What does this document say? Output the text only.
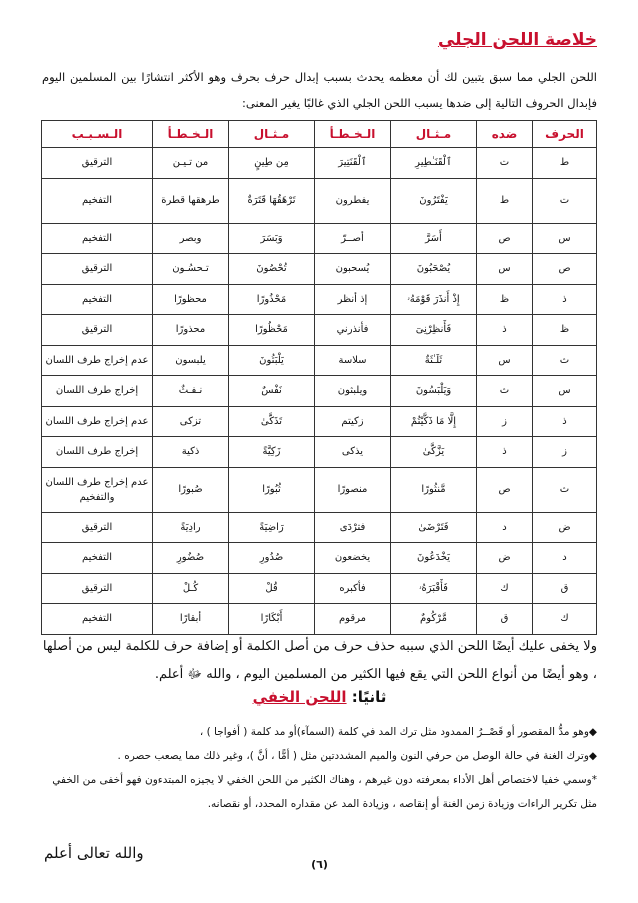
خلاصة اللحن الجلي
اللحن الجلي مما سبق يتبين لك أن معظمه يحدث بسبب إبدال حرف بحرف وهو الأكثر انتشارًا بين المسلمين اليوم فإبدال الحروف التالية إلى ضدها يسبب اللحن الجلي الذي غالبًا يغير المعنى:
الحرف	ضده	مـثـال	الـخـطـأ	مـثـال	الـخـطـأ	الـسـبـب
ط	ت	ٱلْقَنَـٰطِيرِ	ٱلْقَنَتِيرَ	مِن طِينٍ	من تـيـن	الترقيق
ت	ط	يَفْتَرُونَ	يفطرون	تَرْهَقُهَا قَتَرَةٌ	طرهقها قطرة	التفخيم
س	ص	أَسَرَّ	أصــرّ	وَبَسَرَ	وبصر	التفخيم
ص	س	يُصْحَبُونَ	يُسحبون	تُحْصُونَ	تـحسُـون	الترقيق
ذ	ظ	إِذْ أَنذَرَ قَوْمَهُۥ	إذ أنظر	مَحْذُورًا	محظورًا	التفخيم
ظ	ذ	فَأَنظِرْنِىٓ	فأنذرني	مَحْظُورًا	محذورًا	الترقيق
ث	س	ثَلَـٰثَةٌ	سلاسة	يَلْبَثُونَ	يلبسون	عدم إخراج طرف اللسان
س	ث	وَيَلْبَسُونَ	ويلبثون	نَفْسٌ	نـفـثٌ	إخراج طرف اللسان
ذ	ز	إِلَّا مَا ذَكَّيْتُمْ	زكيتم	تَذَكَّىٰ	تزكى	عدم إخراج طرف اللسان
ز	ذ	يَزَّكَّىٰ	يذكى	زَكِيَّةً	ذكية	إخراج طرف اللسان
ث	ص	مَّنثُورًا	منصورًا	ثُبُورًا	صُبورًا	عدم إخراج طرف اللسان والتفخيم
ض	د	فَتَرْضَىٰ	فترْدَى	رَاضِيَةً	رادِيَةً	الترقيق
د	ض	يَخْدَعُونَ	يخضعون	صُدُورِ	صُضُورِ	التفخيم
ق	ك	فَأَقْبَرَهُۥ	فأكبره	قُلْ	كُـلْ	الترقيق
ك	ق	مَّرْكُومٌ	مرقوم	أَبْكَارًا	أبقارًا	التفخيم
ولا يخفى عليك أيضًا اللحن الذي سببه حذف حرف من أصل الكلمة أو إضافة حرف للكلمة ليس من أصلها ، وهو أيضًا من أنواع اللحن التي يقع فيها الكثير من المسلمين اليوم ، والله ﷻ أعلم.
ثانيًا: اللحن الخفي
◆وهو مدُّ المقصور أو قَصْــرُ الممدود مثل ترك المد في كلمة (السمآء)أو مد كلمة ( أفواجا ) ،
◆وترك الغنة في حالة الوصل من حرفي النون والميم المشددتين مثل ( أمًّا ، أنَّ )، وغير ذلك مما يصعب حصره .
*وسمي خفيا لاختصاص أهل الأداء بمعرفته دون غيرهم ، وهناك الكثير من اللحن الخفي لا يجيزه المبتدءون فهو أخفى من الخفي مثل تكرير الراءات وزيادة زمن الغنة أو إنقاصه ، وزيادة المد عن مقداره المحدد، أو نقصانه.
والله تعالى أعلم
(٦)
